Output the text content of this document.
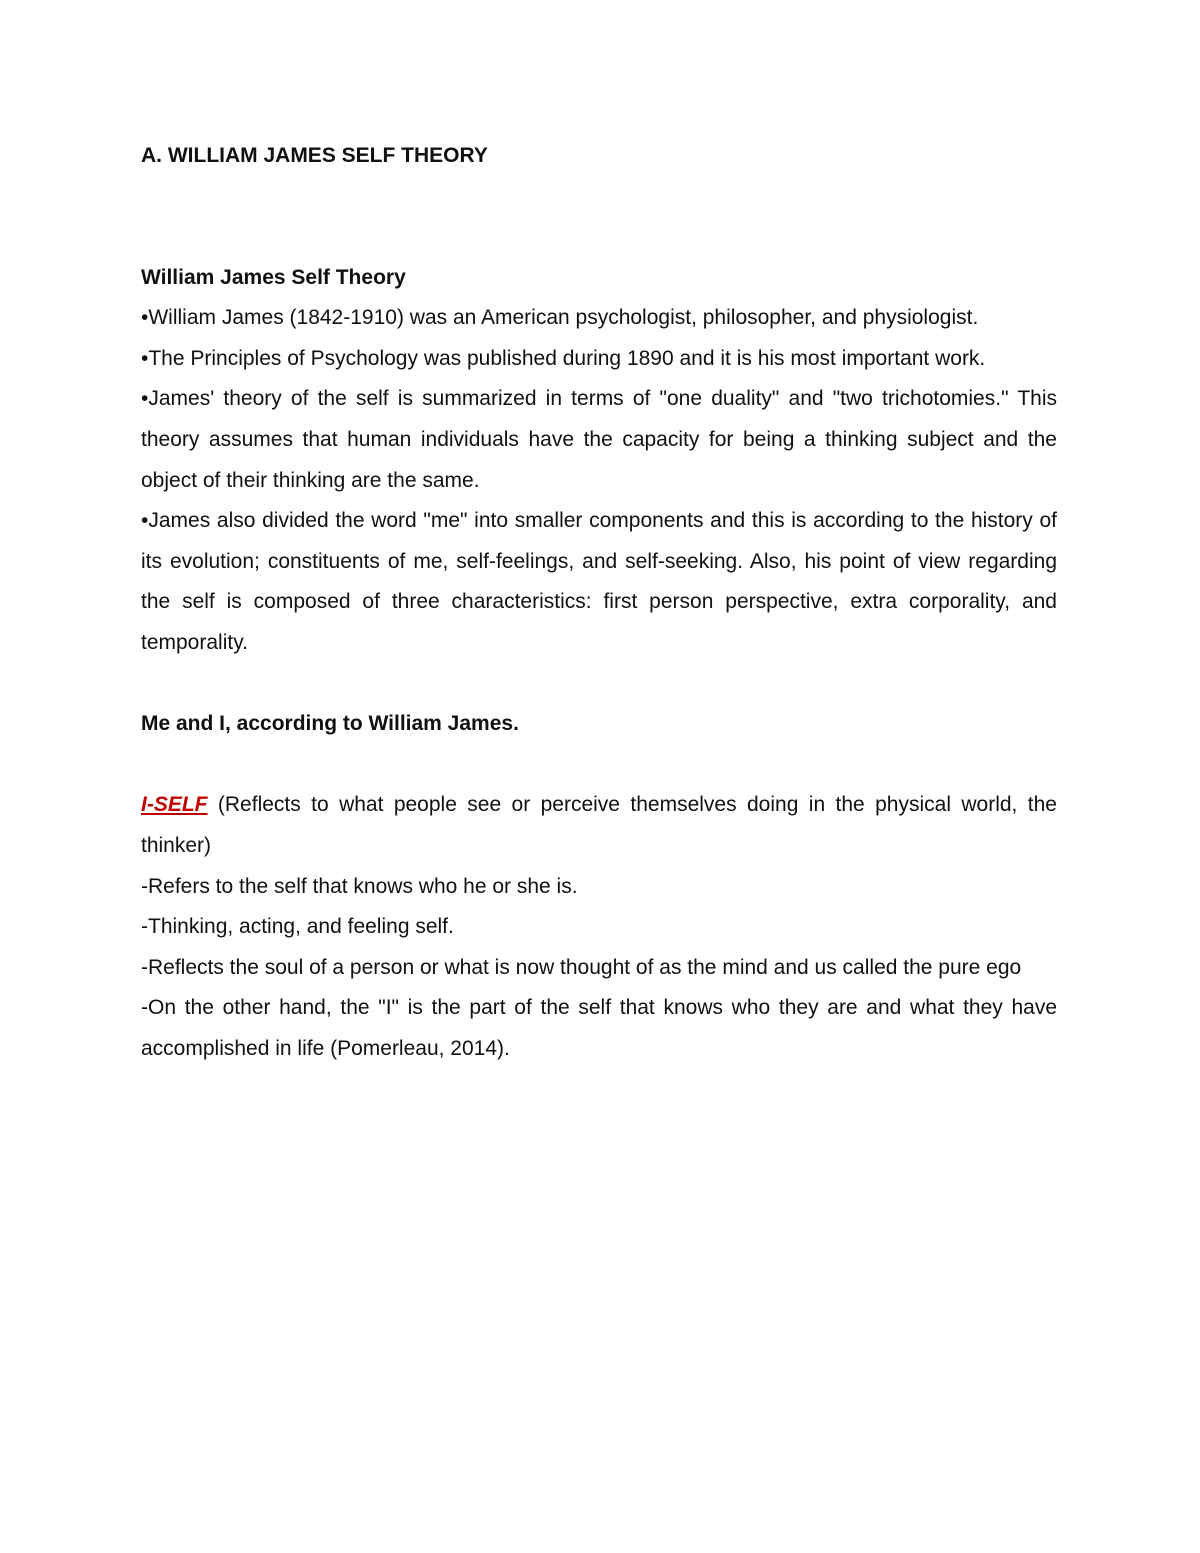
A. WILLIAM JAMES SELF THEORY

William James Self Theory

•William James (1842-1910) was an American psychologist, philosopher, and physiologist.

•The Principles of Psychology was published during 1890 and it is his most important work.

•James' theory of the self is summarized in terms of "one duality" and "two trichotomies." This theory assumes that human individuals have the capacity for being a thinking subject and the object of their thinking are the same.

•James also divided the word "me" into smaller components and this is according to the history of its evolution; constituents of me, self-feelings, and self-seeking. Also, his point of view regarding the self is composed of three characteristics: first person perspective, extra corporality, and temporality.

Me and I, according to William James.

I-SELF (Reflects to what people see or perceive themselves doing in the physical world, the thinker)

-Refers to the self that knows who he or she is.

-Thinking, acting, and feeling self.

-Reflects the soul of a person or what is now thought of as the mind and us called the pure ego

-On the other hand, the "I" is the part of the self that knows who they are and what they have accomplished in life (Pomerleau, 2014).
